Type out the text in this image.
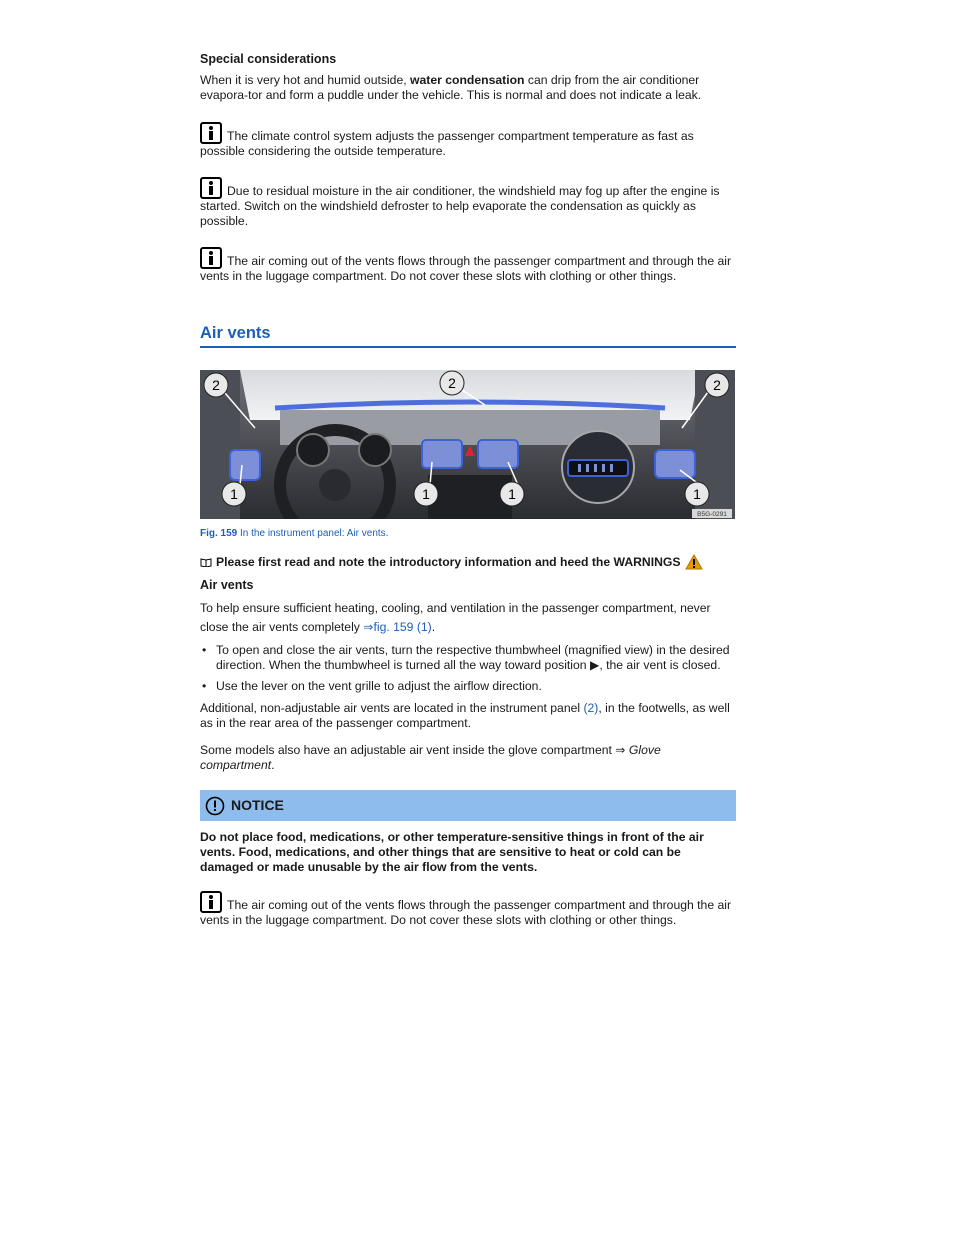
Special considerations

When it is very hot and humid outside, water condensation can drip from the air conditioner evapora-tor and form a puddle under the vehicle. This is normal and does not indicate a leak.

The climate control system adjusts the passenger compartment temperature as fast as possible considering the outside temperature.

Due to residual moisture in the air conditioner, the windshield may fog up after the engine is started. Switch on the windshield defroster to help evaporate the condensation as quickly as possible.

The air coming out of the vents flows through the passenger compartment and through the air vents in the luggage compartment. Do not cover these slots with clothing or other things.

Air vents
2	2	2
1	1	1	1
B5G-0291
Fig. 159 In the instrument panel: Air vents.
Please first read and note the introductory information and heed the WARNINGS
Air vents

To help ensure sufficient heating, cooling, and ventilation in the passenger compartment, never close the air vents completely ⇒fig. 159 (1).

• To open and close the air vents, turn the respective thumbwheel (magnified view) in the desired direction. When the thumbwheel is turned all the way toward position ▶, the air vent is closed.
• Use the lever on the vent grille to adjust the airflow direction.

Additional, non-adjustable air vents are located in the instrument panel (2), in the footwells, as well as in the rear area of the passenger compartment.

Some models also have an adjustable air vent inside the glove compartment ⇒ Glove compartment.

NOTICE

Do not place food, medications, or other temperature-sensitive things in front of the air vents. Food, medications, and other things that are sensitive to heat or cold can be damaged or made unusable by the air flow from the vents.

The air coming out of the vents flows through the passenger compartment and through the air vents in the luggage compartment. Do not cover these slots with clothing or other things.
